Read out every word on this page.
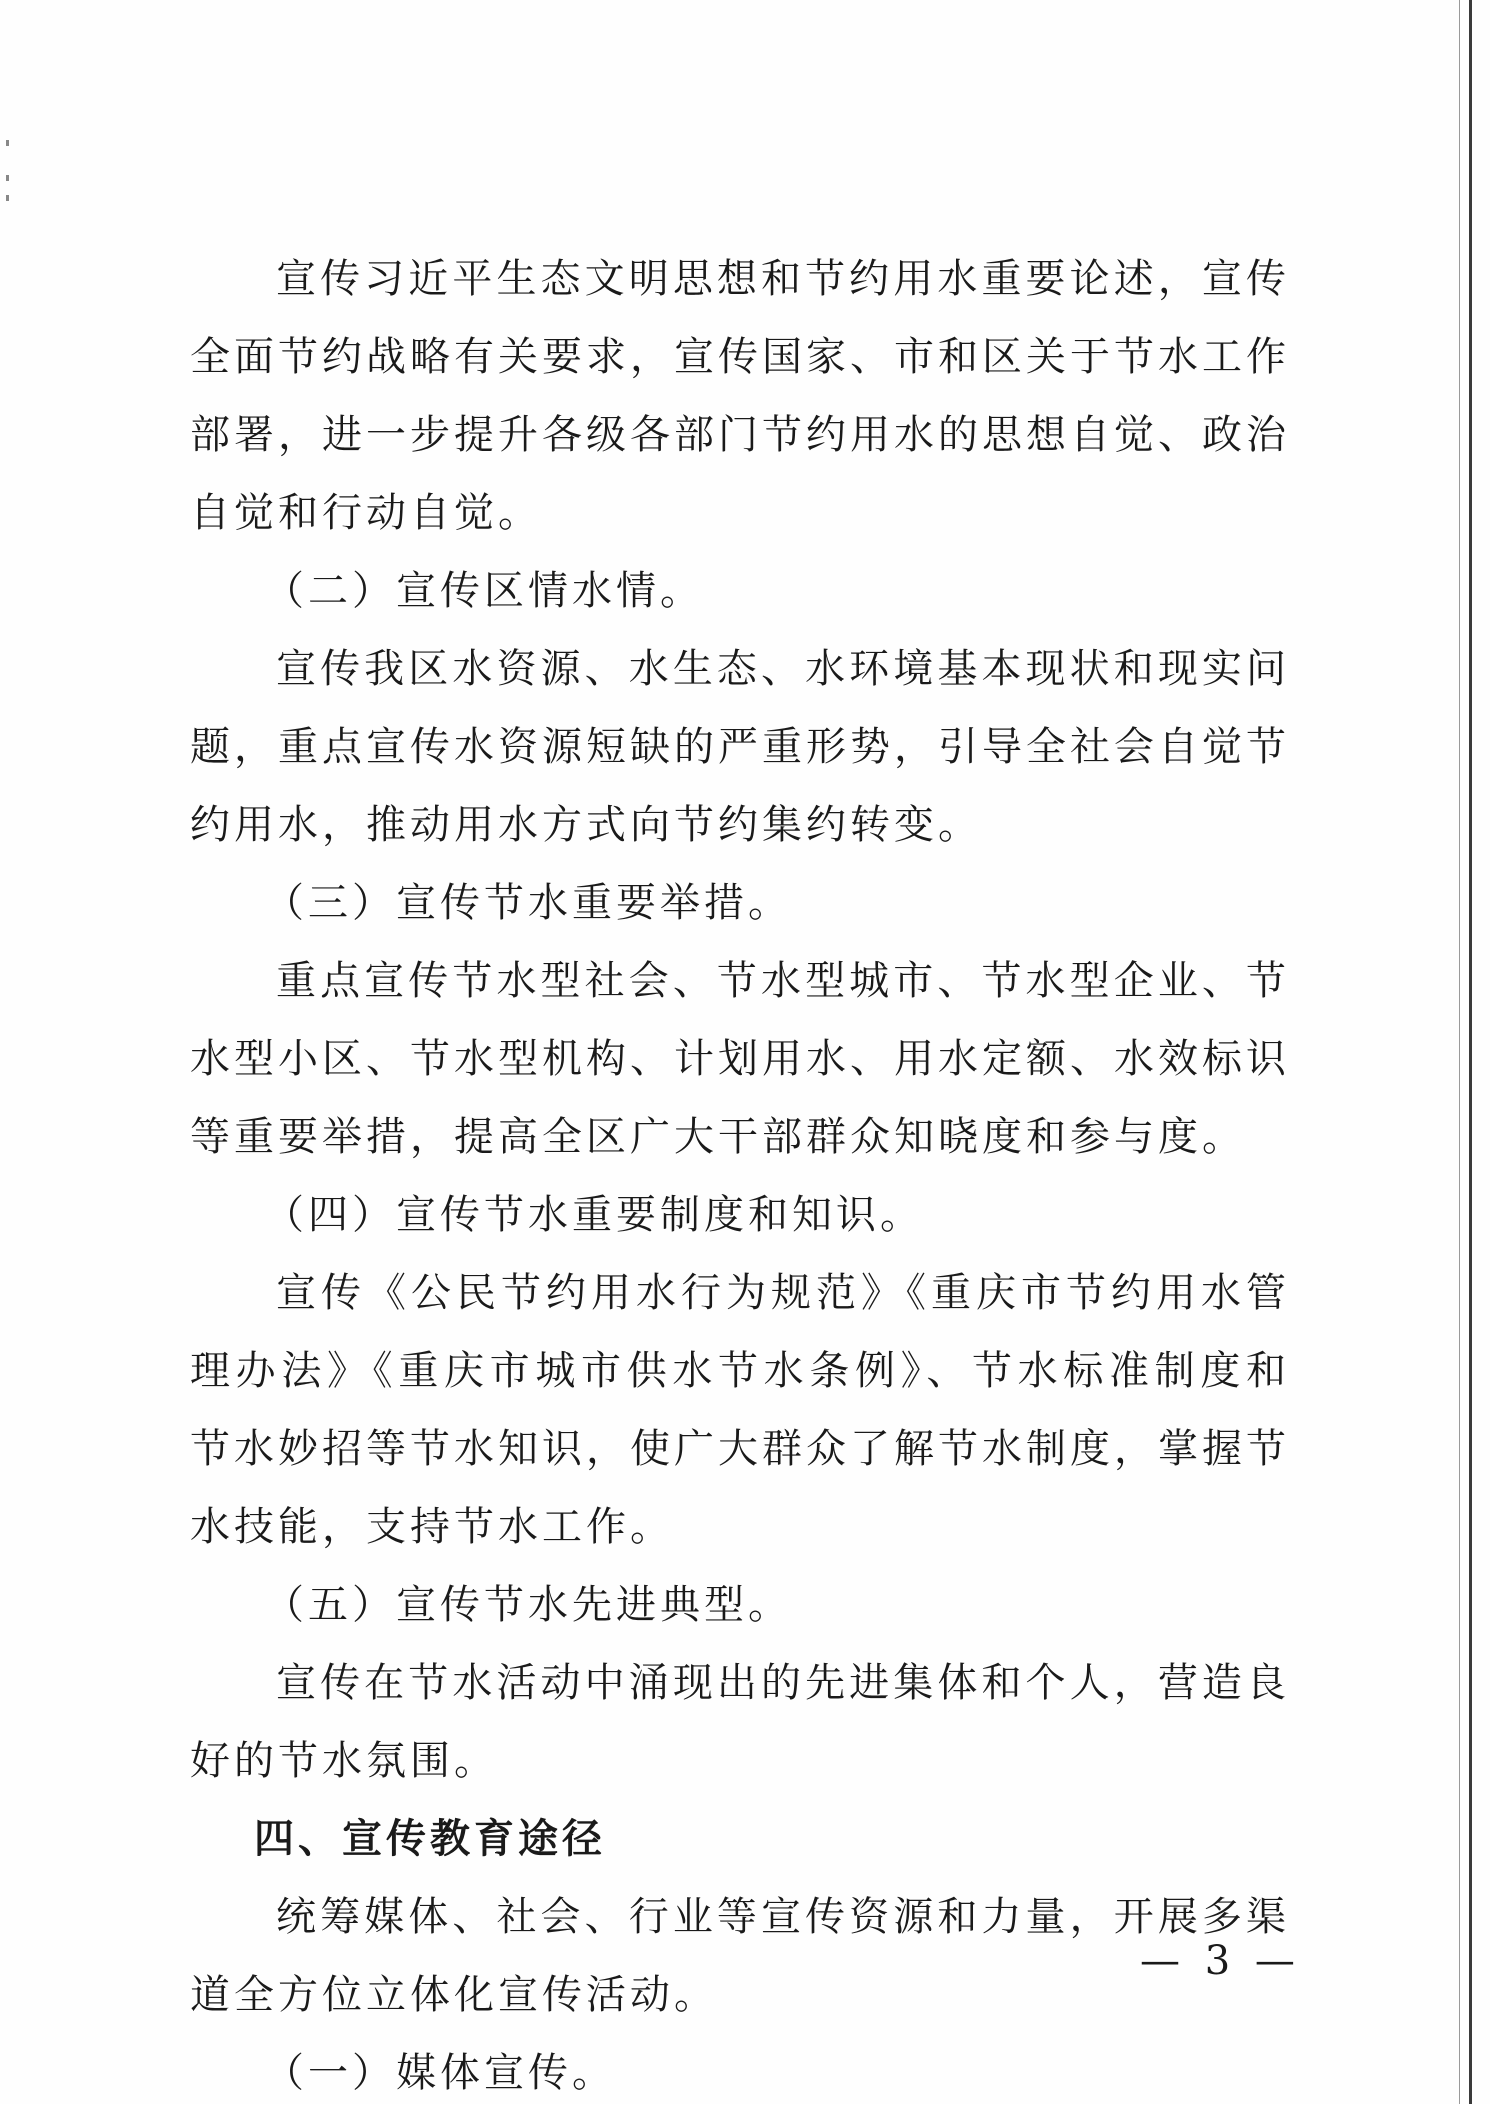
宣传习近平生态文明思想和节约用水重要论述，宣传全面节约战略有关要求，宣传国家、市和区关于节水工作部署，进一步提升各级各部门节约用水的思想自觉、政治自觉和行动自觉。

（二）宣传区情水情。

宣传我区水资源、水生态、水环境基本现状和现实问题，重点宣传水资源短缺的严重形势，引导全社会自觉节约用水，推动用水方式向节约集约转变。

（三）宣传节水重要举措。

重点宣传节水型社会、节水型城市、节水型企业、节水型小区、节水型机构、计划用水、用水定额、水效标识等重要举措，提高全区广大干部群众知晓度和参与度。

（四）宣传节水重要制度和知识。

宣传《公民节约用水行为规范》《重庆市节约用水管理办法》《重庆市城市供水节水条例》、节水标准制度和节水妙招等节水知识，使广大群众了解节水制度，掌握节水技能，支持节水工作。

（五）宣传节水先进典型。

宣传在节水活动中涌现出的先进集体和个人，营造良好的节水氛围。

四、宣传教育途径

统筹媒体、社会、行业等宣传资源和力量，开展多渠道全方位立体化宣传活动。

（一）媒体宣传。

— 3 —
